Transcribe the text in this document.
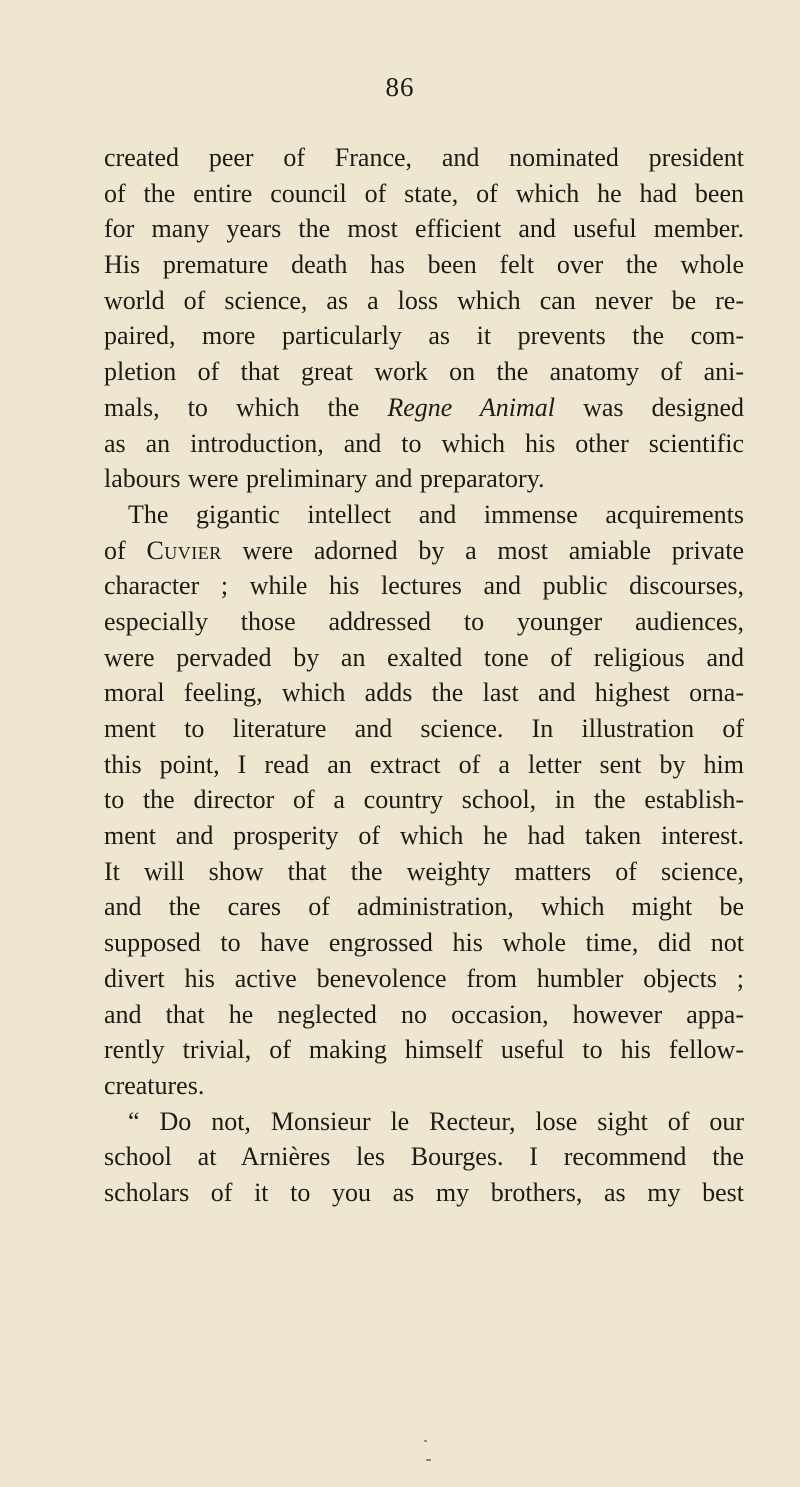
86
created peer of France, and nominated president
of the entire council of state, of which he had been
for many years the most efficient and useful member.
His premature death has been felt over the whole
world of science, as a loss which can never be re-
paired, more particularly as it prevents the com-
pletion of that great work on the anatomy of ani-
mals, to which the Regne Animal was designed
as an introduction, and to which his other scientific
labours were preliminary and preparatory.
The gigantic intellect and immense acquirements
of Cuvier were adorned by a most amiable private
character ; while his lectures and public discourses,
especially those addressed to younger audiences,
were pervaded by an exalted tone of religious and
moral feeling, which adds the last and highest orna-
ment to literature and science. In illustration of
this point, I read an extract of a letter sent by him
to the director of a country school, in the establish-
ment and prosperity of which he had taken interest.
It will show that the weighty matters of science,
and the cares of administration, which might be
supposed to have engrossed his whole time, did not
divert his active benevolence from humbler objects ;
and that he neglected no occasion, however appa-
rently trivial, of making himself useful to his fellow-
creatures.
“ Do not, Monsieur le Recteur, lose sight of our
school at Arnières les Bourges. I recommend the
scholars of it to you as my brothers, as my best
